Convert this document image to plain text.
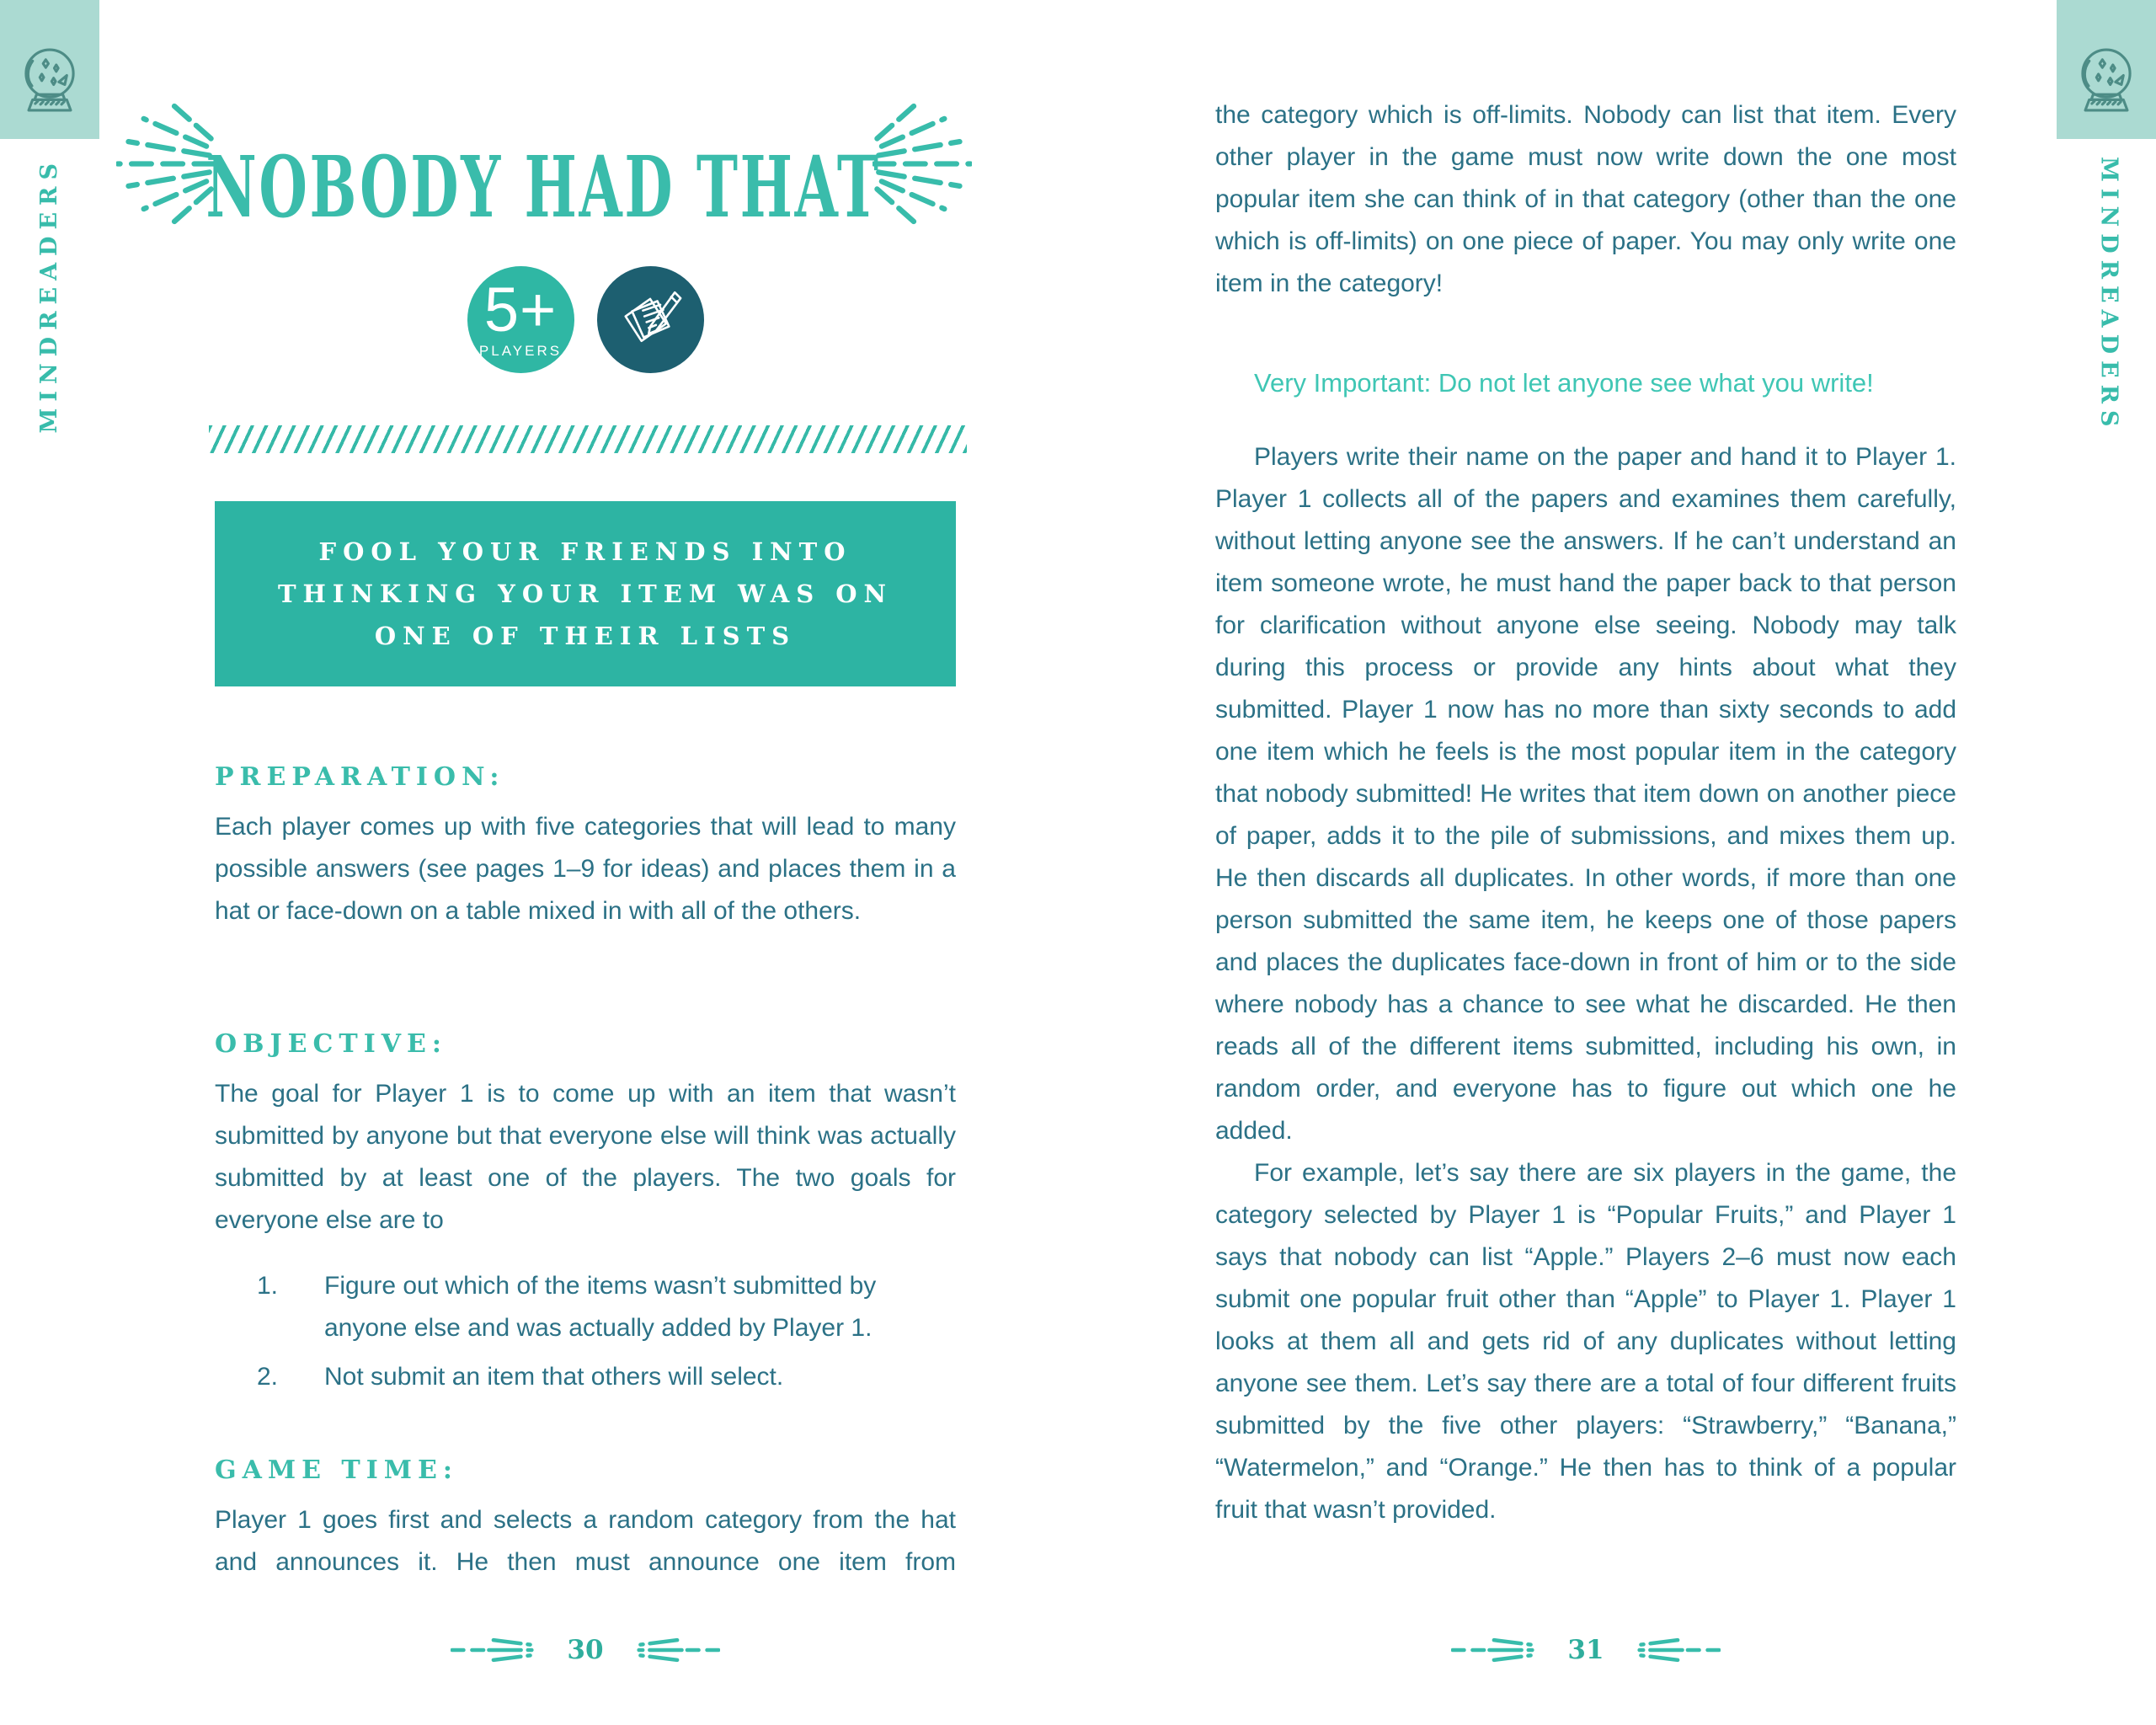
MINDREADERS	MINDREADERS
NOBODY HAD THAT
5+
PLAYERS
FOOL YOUR FRIENDS INTO
THINKING YOUR ITEM WAS ON
ONE OF THEIR LISTS
PREPARATION:

Each player comes up with five categories that will lead to many possible answers (see pages 1–9 for ideas) and places them in a hat or face-down on a table mixed in with all of the others.

OBJECTIVE:

The goal for Player 1 is to come up with an item that wasn’t submitted by anyone but that everyone else will think was actually submitted by at least one of the players. The two goals for everyone else are to

1.	Figure out which of the items wasn’t submitted by anyone else and was actually added by Player 1.
2.	Not submit an item that others will select.
GAME TIME:

Player 1 goes first and selects a random category from the hat and announces it. He then must announce one item from

the category which is off-limits. Nobody can list that item. Every other player in the game must now write down the one most popular item she can think of in that category (other than the one which is off-limits) on one piece of paper. You may only write one item in the category!

Very Important: Do not let anyone see what you write!

Players write their name on the paper and hand it to Player 1. Player 1 collects all of the papers and examines them carefully, without letting anyone see the answers. If he can’t understand an item someone wrote, he must hand the paper back to that person for clarification without anyone else seeing. Nobody may talk during this process or provide any hints about what they submitted. Player 1 now has no more than sixty seconds to add one item which he feels is the most popular item in the category that nobody submitted! He writes that item down on another piece of paper, adds it to the pile of submissions, and mixes them up. He then discards all duplicates. In other words, if more than one person submitted the same item, he keeps one of those papers and places the duplicates face-down in front of him or to the side where nobody has a chance to see what he discarded. He then reads all of the different items submitted, including his own, in random order, and everyone has to figure out which one he added.

For example, let’s say there are six players in the game, the category selected by Player 1 is “Popular Fruits,” and Player 1 says that nobody can list “Apple.” Players 2–6 must now each submit one popular fruit other than “Apple” to Player 1. Player 1 looks at them all and gets rid of any duplicates without letting anyone see them. Let’s say there are a total of four different fruits submitted by the five other players: “Strawberry,” “Banana,” “Watermelon,” and “Orange.” He then has to think of a popular fruit that wasn’t provided.

30	31
